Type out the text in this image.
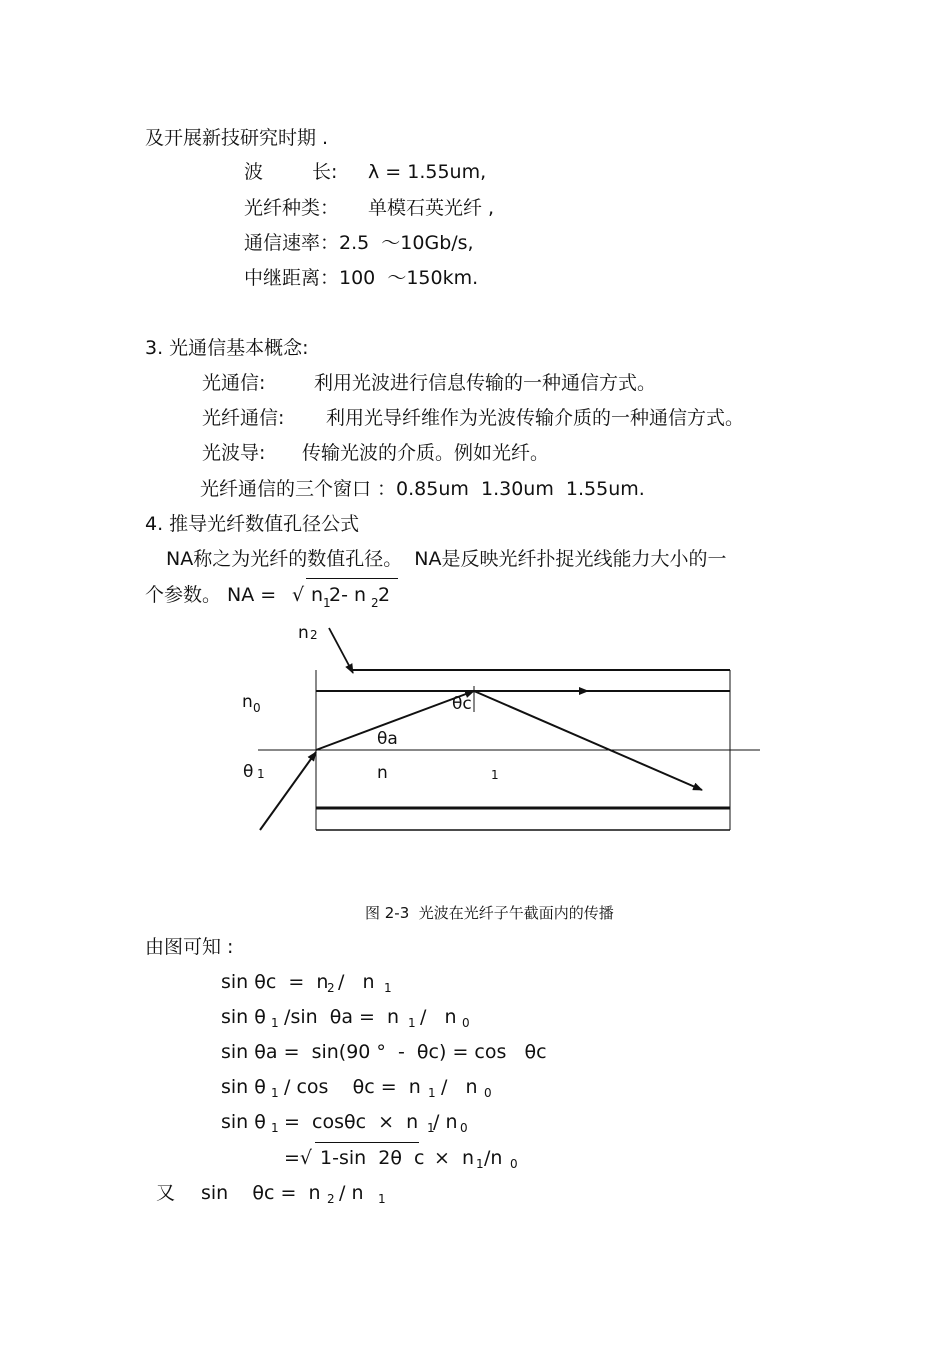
及开展新技研究时期 .
波	长: λ = 1.55um,
光纤种类： 单模石英光纤 ,
通信速率：2.5  ～10Gb/s,
中继距离：100  ～150km.
3. 光通信基本概念:
光通信:	利用光波进行信息传输的一种通信方式。
光纤通信: 利用光导纤维作为光波传输介质的一种通信方式。
光波导: 传输光波的介质。例如光纤。
光纤通信的三个窗口 ：0.85um  1.30um  1.55um.
4. 推导光纤数值孔径公式
NA称之为光纤的数值孔径。  NA是反映光纤扑捉光线能力大小的一
个参数。 NA = √ n 1
2- n 2 2
n 2
n 0	θc
θa
θ 1	n	1
图 2-3  光波在光纤子午截面内的传播
由图可知 :
sin θc  =  n
2
/   n 1
sin θ 1 /sin  θa =  n 1
/   n 0
sin θa =  sin(90 °  -  θc) = cos   θc
sin θ 1 / cos    θc =  n 1 /   n 0
sin θ 1 =  cosθc  ×  n 1
/ n 0
=√ 1-sin  2θ  c ×  n 1 /n 0
又 sin    θc =  n 2
/ n 1
